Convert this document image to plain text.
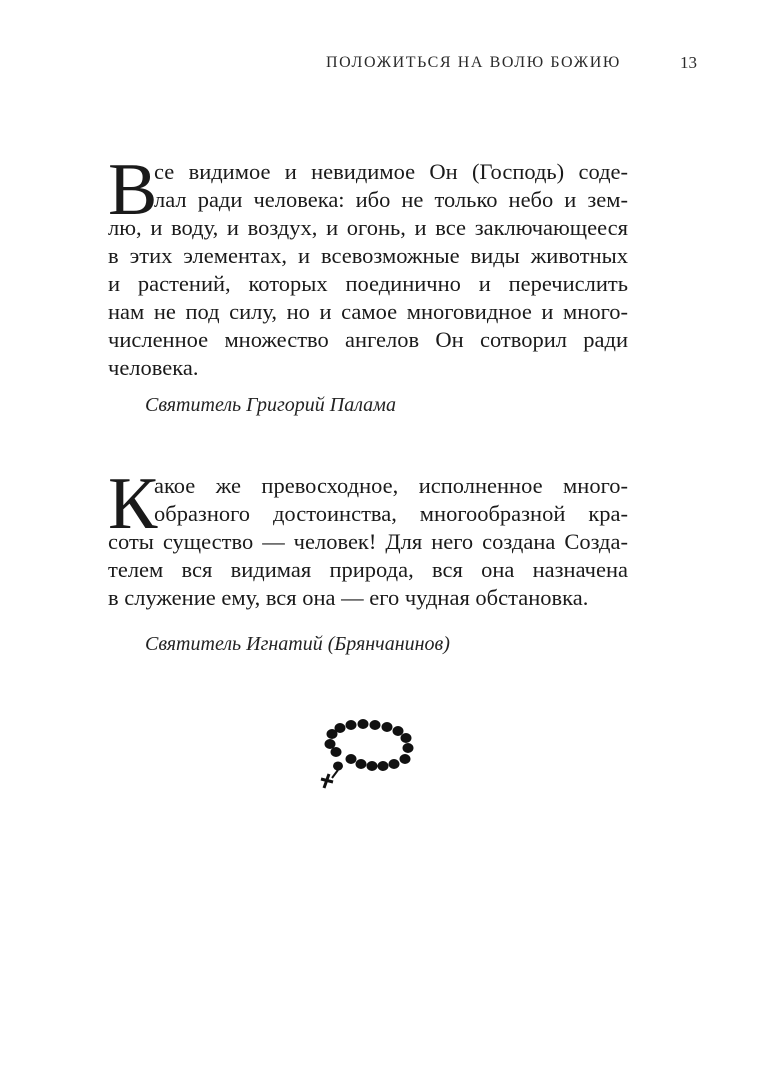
ПОЛОЖИТЬСЯ НА ВОЛЮ БОЖИЮ	13
В
се видимое и невидимое Он (Господь) соде-
лал ради человека: ибо не только небо и зем-
лю, и воду, и воздух, и огонь, и все заключающееся
в этих элементах, и всевозможные виды животных
и растений, которых поединично и перечислить
нам не под силу, но и самое многовидное и много-
численное множество ангелов Он сотворил ради
человека.
Святитель Григорий Палама
К
акое же превосходное, исполненное много-
образного достоинства, многообразной кра-
соты существо — человек! Для него создана Созда-
телем вся видимая природа, вся она назначена
в служение ему, вся она — его чудная обстановка.
Святитель Игнатий (Брянчанинов)
